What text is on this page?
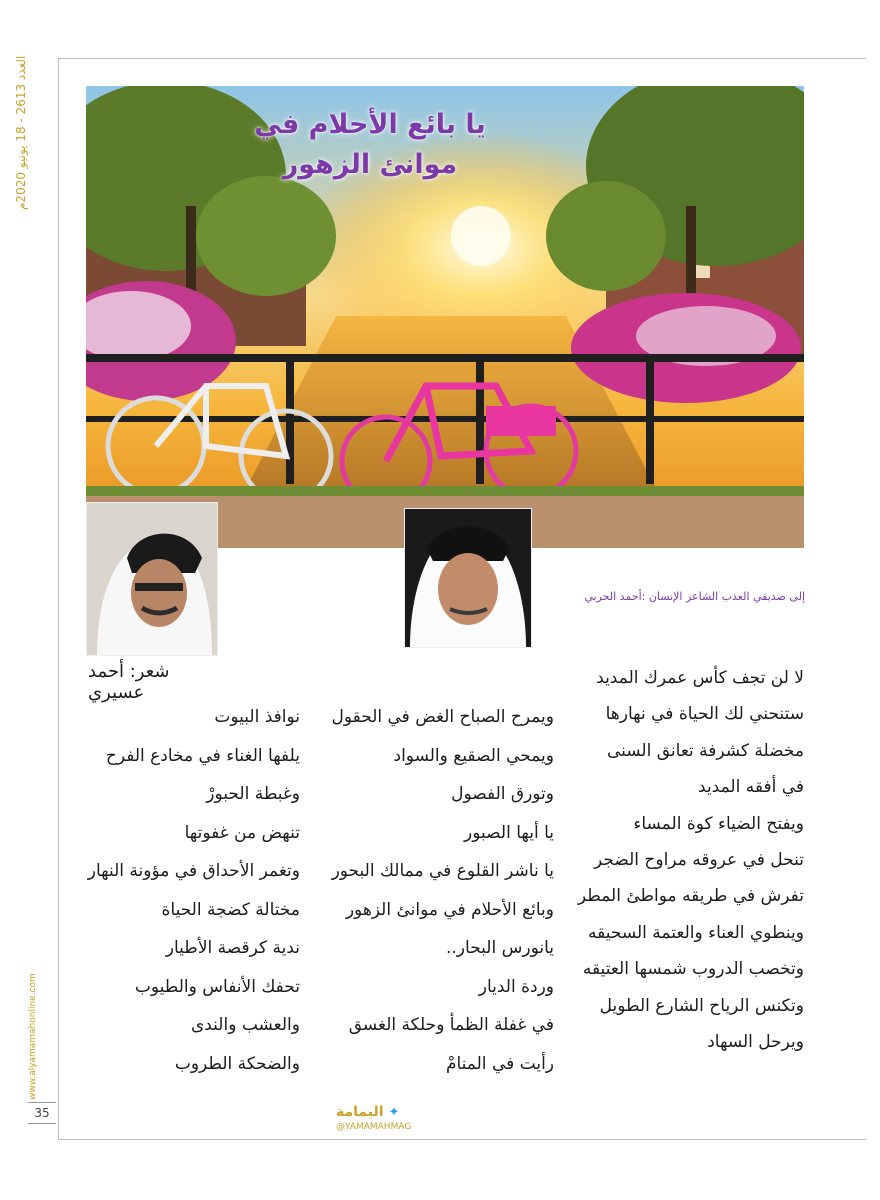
العدد 2613 - 18 يونيو 2020م
www.alyamamahonline.com
35
يا بائع الأحلام في
موانئ الزهور
إلى صديقي العذب الشاعر الإنسان :أحمد الحربي
شعر: أحمد عسيري
لا لن تجف كأس عمرك المديد
ستنحني لك الحياة في نهارها
مخضلة كشرفة تعانق السنى
في أفقه المديد
ويفتح الضياء كوة المساء
تنحل في عروقه مراوح الضجر
تفرش في طريقه مواطئ المطر
وينطوي العناء والعتمة السحيقه
وتخصب الدروب شمسها العتيقه
وتكنس الرياح الشارع الطويل
ويرحل السهاد
ويمرح الصباح الغض في الحقول
ويمحي الصقيع والسواد
وتورق الفصول
يا أيها الصبور
يا ناشر القلوع في ممالك البحور
وبائع الأحلام في موانئ الزهور
يانورس البحار..
وردة الديار
في غفلة الظمأ وحلكة الغسق
رأيت في المنامْ
نوافذ البيوت
يلفها الغناء في مخادع الفرح
وغبطة الحبورْ
تنهض من غفوتها
وتغمر الأحداق في مؤونة النهار
مختالة كضجة الحياة
ندية كرقصة الأطيار
تحفك الأنفاس والطيوب
والعشب والندى
والضحكة الطروب
✦ اليمامة
@YAMAMAHMAG
